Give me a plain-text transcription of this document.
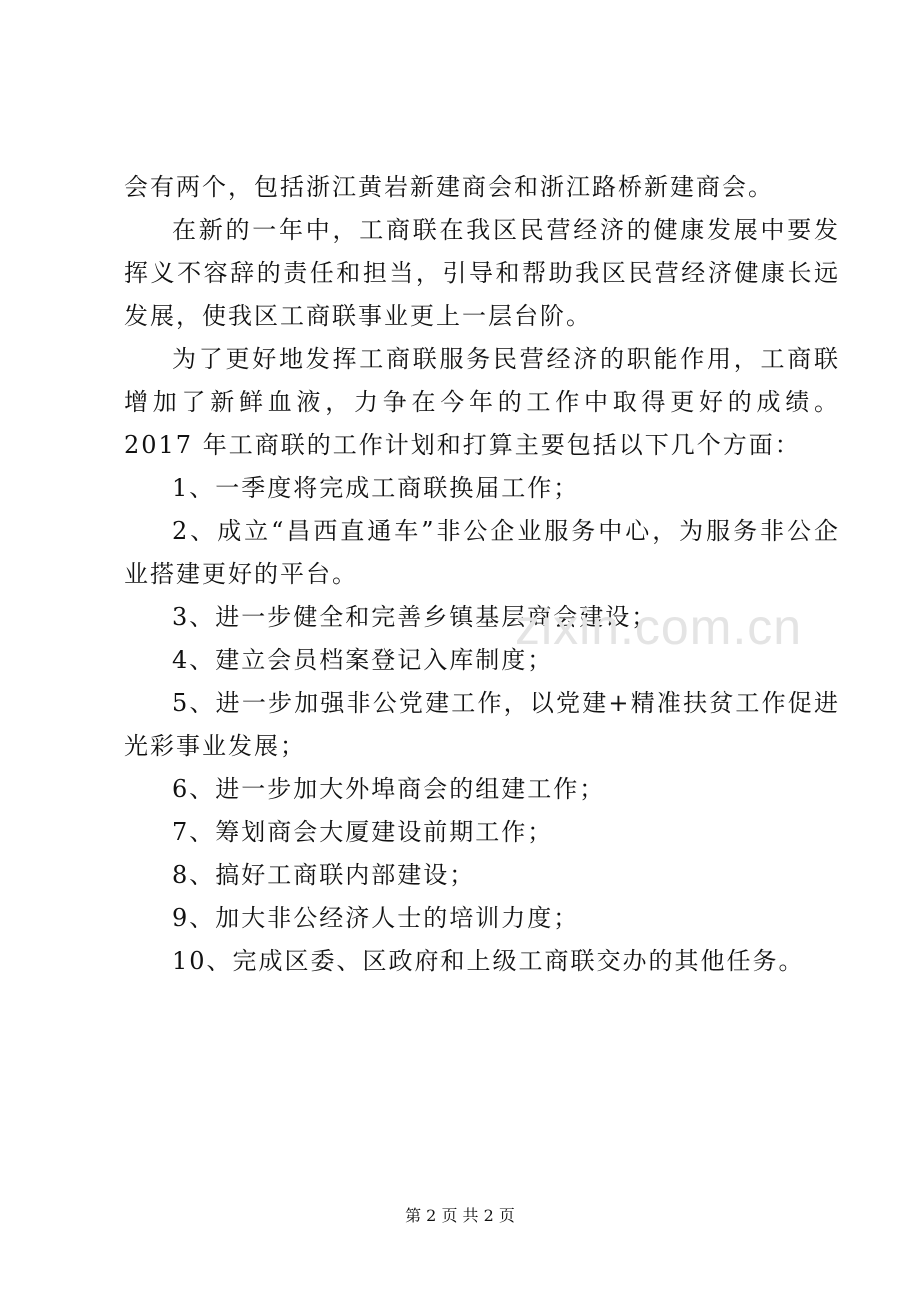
会有两个，包括浙江黄岩新建商会和浙江路桥新建商会。

在新的一年中，工商联在我区民营经济的健康发展中要发挥义不容辞的责任和担当，引导和帮助我区民营经济健康长远发展，使我区工商联事业更上一层台阶。

为了更好地发挥工商联服务民营经济的职能作用，工商联增加了新鲜血液，力争在今年的工作中取得更好的成绩。2017 年工商联的工作计划和打算主要包括以下几个方面：

1、一季度将完成工商联换届工作；

2、成立“昌西直通车”非公企业服务中心，为服务非公企业搭建更好的平台。

3、进一步健全和完善乡镇基层商会建设；

4、建立会员档案登记入库制度；

5、进一步加强非公党建工作，以党建+精准扶贫工作促进光彩事业发展；

6、进一步加大外埠商会的组建工作；

7、筹划商会大厦建设前期工作；

8、搞好工商联内部建设；

9、加大非公经济人士的培训力度；

10、完成区委、区政府和上级工商联交办的其他任务。

zixin.com.cn
第 2 页 共 2 页
